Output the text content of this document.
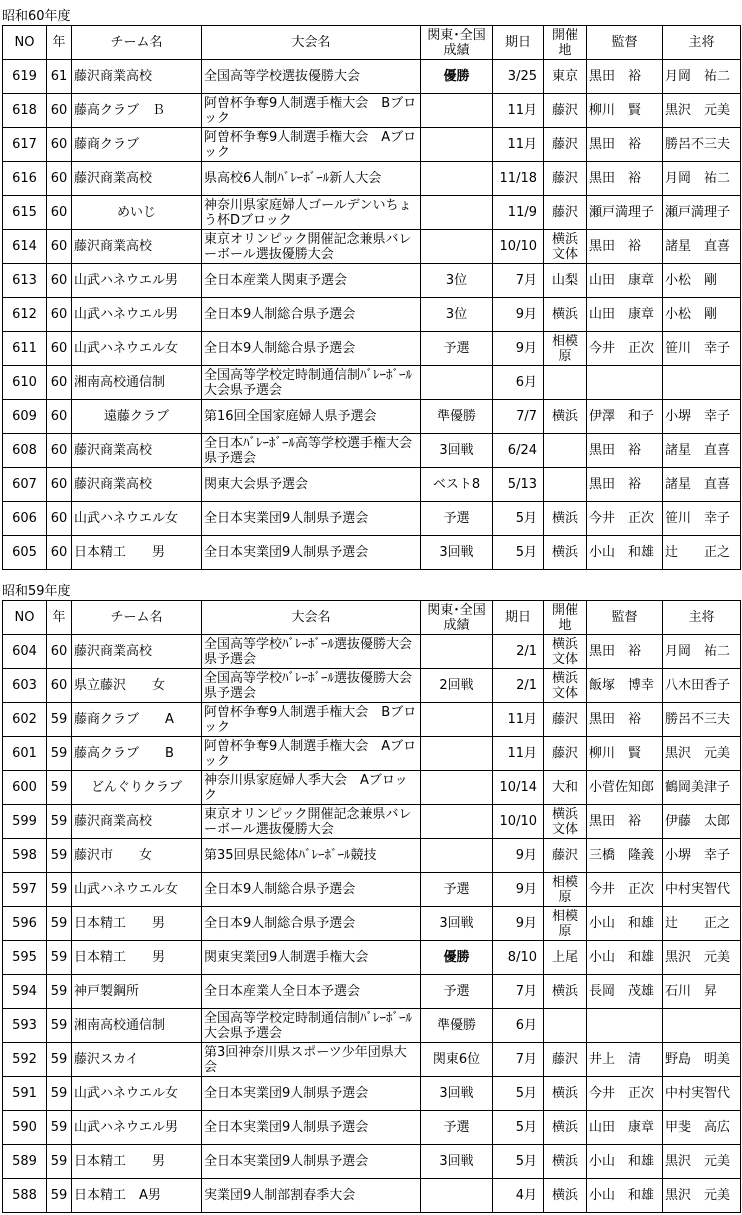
昭和60年度
NO	年	チーム名	大会名	関東･全国成績	期日	開催地	監督	主将
619	61	藤沢商業高校	全国高等学校選抜優勝大会	優勝	3/25	東京	黒田　裕	月岡　祐二
618	60	藤高クラブ　Ｂ	阿曽杯争奪9人制選手権大会　Bブロック		11月	藤沢	柳川　賢	黒沢　元美
617	60	藤商クラブ	阿曽杯争奪9人制選手権大会　Aブロック		11月	藤沢	黒田　裕	勝呂不三夫
616	60	藤沢商業高校	県高校6人制ﾊﾞﾚｰﾎﾞｰﾙ新人大会		11/18	藤沢	黒田　裕	月岡　祐二
615	60	めいじ	神奈川県家庭婦人ゴールデンいちょう杯Dブロック		11/9	藤沢	瀬戸満理子	瀬戸満理子
614	60	藤沢商業高校	東京オリンピック開催記念兼県バレーボール選抜優勝大会		10/10	横浜文体	黒田　裕	諸星　直喜
613	60	山武ハネウエル男	全日本産業人関東予選会	3位	7月	山梨	山田　康章	小松　剛
612	60	山武ハネウエル男	全日本9人制総合県予選会	3位	9月	横浜	山田　康章	小松　剛
611	60	山武ハネウエル女	全日本9人制総合県予選会	予選	9月	相模原	今井　正次	笹川　幸子
610	60	湘南高校通信制	全国高等学校定時制通信制ﾊﾞﾚｰﾎﾞｰﾙ大会県予選会		6月			
609	60	遠藤クラブ	第16回全国家庭婦人県予選会	準優勝	7/7	横浜	伊澤　和子	小堺　幸子
608	60	藤沢商業高校	全日本ﾊﾞﾚｰﾎﾞｰﾙ高等学校選手権大会県予選会	3回戦	6/24		黒田　裕	諸星　直喜
607	60	藤沢商業高校	関東大会県予選会	ベスト8	5/13		黒田　裕	諸星　直喜
606	60	山武ハネウエル女	全日本実業団9人制県予選会	予選	5月	横浜	今井　正次	笹川　幸子
605	60	日本精工　　男	全日本実業団9人制県予選会	3回戦	5月	横浜	小山　和雄	辻　　正之
昭和59年度
NO	年	チーム名	大会名	関東･全国成績	期日	開催地	監督	主将
604	60	藤沢商業高校	全国高等学校ﾊﾞﾚｰﾎﾞｰﾙ選抜優勝大会県予選会		2/1	横浜文体	黒田　裕	月岡　祐二
603	60	県立藤沢　　女	全国高等学校ﾊﾞﾚｰﾎﾞｰﾙ選抜優勝大会県予選会	2回戦	2/1	横浜文体	飯塚　博幸	八木田香子
602	59	藤商クラブ　　A	阿曽杯争奪9人制選手権大会　Bブロック		11月	藤沢	黒田　裕	勝呂不三夫
601	59	藤高クラブ　　B	阿曽杯争奪9人制選手権大会　Aブロック		11月	藤沢	柳川　賢	黒沢　元美
600	59	どんぐりクラブ	神奈川県家庭婦人季大会　Aブロック		10/14	大和	小菅佐知郎	鶴岡美津子
599	59	藤沢商業高校	東京オリンピック開催記念兼県バレーボール選抜優勝大会		10/10	横浜文体	黒田　裕	伊藤　太郎
598	59	藤沢市　　女	第35回県民総体ﾊﾞﾚｰﾎﾞｰﾙ競技		9月	藤沢	三橋　隆義	小堺　幸子
597	59	山武ハネウエル女	全日本9人制総合県予選会	予選	9月	相模原	今井　正次	中村実智代
596	59	日本精工　　男	全日本9人制総合県予選会	3回戦	9月	相模原	小山　和雄	辻　　正之
595	59	日本精工　　男	関東実業団9人制選手権大会	優勝	8/10	上尾	小山　和雄	黒沢　元美
594	59	神戸製鋼所	全日本産業人全日本予選会	予選	7月	横浜	長岡　茂雄	石川　昇
593	59	湘南高校通信制	全国高等学校定時制通信制ﾊﾞﾚｰﾎﾞｰﾙ大会県予選会	準優勝	6月			
592	59	藤沢スカイ	第3回神奈川県スポーツ少年団県大会	関東6位	7月	藤沢	井上　清	野島　明美
591	59	山武ハネウエル女	全日本実業団9人制県予選会	3回戦	5月	横浜	今井　正次	中村実智代
590	59	山武ハネウエル男	全日本実業団9人制県予選会	予選	5月	横浜	山田　康章	甲斐　高広
589	59	日本精工　　男	全日本実業団9人制県予選会	3回戦	5月	横浜	小山　和雄	黒沢　元美
588	59	日本精工　A男	実業団9人制部割春季大会		4月	横浜	小山　和雄	黒沢　元美
